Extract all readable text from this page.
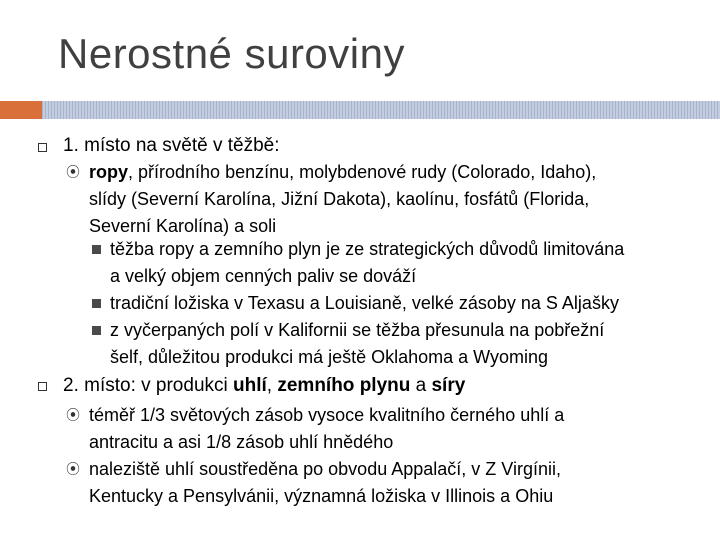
Nerostné suroviny
1. místo na světě v těžbě:
⦿ ropy, přírodního benzínu, molybdenové rudy (Colorado, Idaho),
slídy (Severní Karolína, Jižní Dakota), kaolínu, fosfátů (Florida,
Severní Karolína) a soli
těžba ropy a zemního plyn je ze strategických důvodů limitována
a velký objem cenných paliv se dováží
tradiční ložiska v Texasu a Louisianě, velké zásoby na S Aljašky
z vyčerpaných polí v Kalifornii se těžba přesunula na pobřežní
šelf, důležitou produkci má ještě Oklahoma a Wyoming
2. místo: v produkci uhlí, zemního plynu a síry
⦿ téměř 1/3 světových zásob vysoce kvalitního černého uhlí a
antracitu a asi 1/8 zásob uhlí hnědého
⦿ naleziště uhlí soustředěna po obvodu Appalačí, v Z Virgínii,
Kentucky a Pensylvánii, významná ložiska v Illinois a Ohiu
